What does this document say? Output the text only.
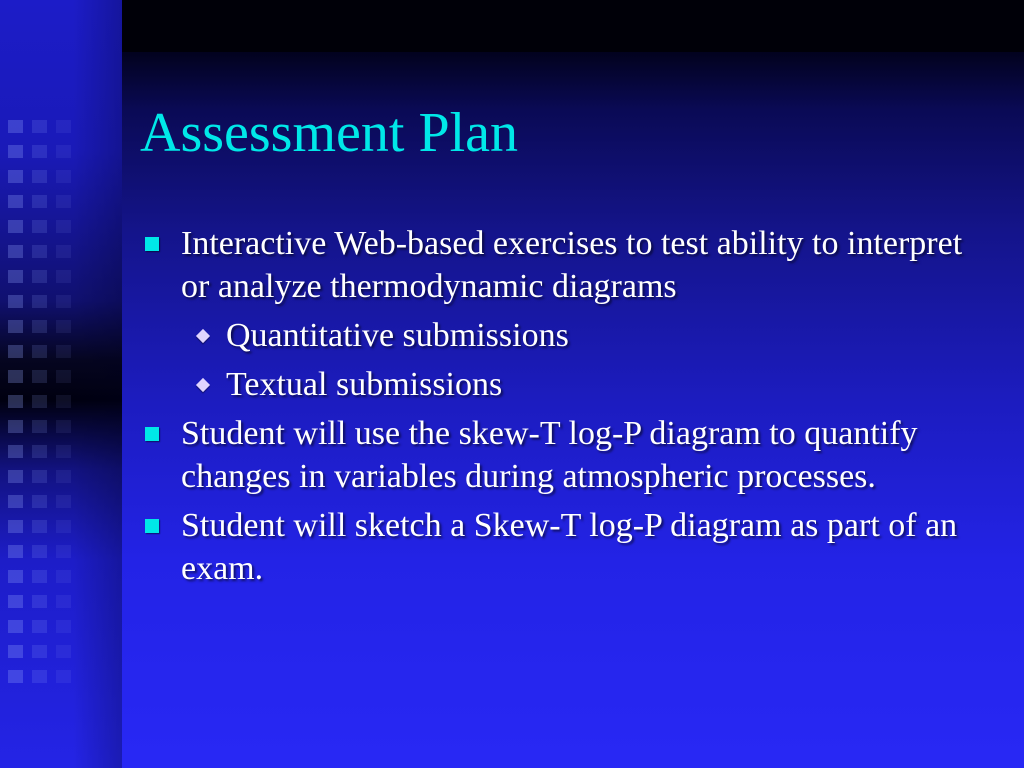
Assessment Plan
Interactive Web-based exercises to test ability to interpret or analyze thermodynamic diagrams
Quantitative submissions
Textual submissions
Student will use the skew-T log-P diagram to quantify changes in variables during atmospheric processes.
Student will sketch a Skew-T log-P diagram as part of an exam.
